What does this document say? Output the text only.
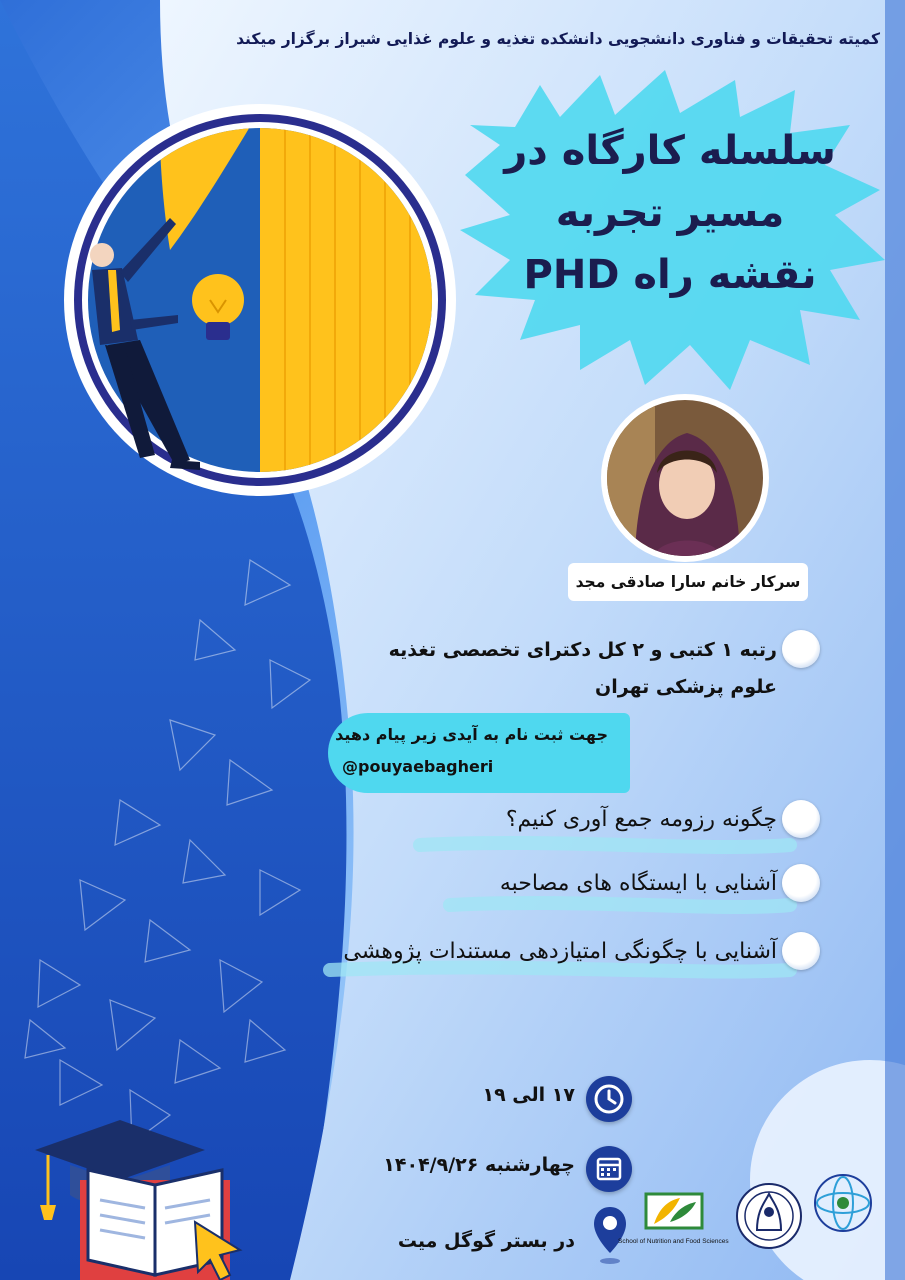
کمیته تحقیقات و فناوری دانشجویی دانشکده تغذیه و علوم غذایی شیراز برگزار میکند
سلسله کارگاه در
مسیر تجربه
نقشه راه PHD
سرکار خانم سارا صادقی مجد
رتبه ۱ کتبی و ۲ کل دکترای تخصصی تغذیه
علوم پزشکی تهران
جهت ثبت نام به آیدی زیر پیام دهید
@pouyaebagheri
چگونه رزومه جمع آوری کنیم؟
آشنایی با ایستگاه های مصاحبه
آشنایی با چگونگی امتیازدهی مستندات پژوهشی
۱۷ الی ۱۹
چهارشنبه ۱۴۰۴/۹/۲۶
در بستر گوگل میت	School of Nutrition and Food Sciences
